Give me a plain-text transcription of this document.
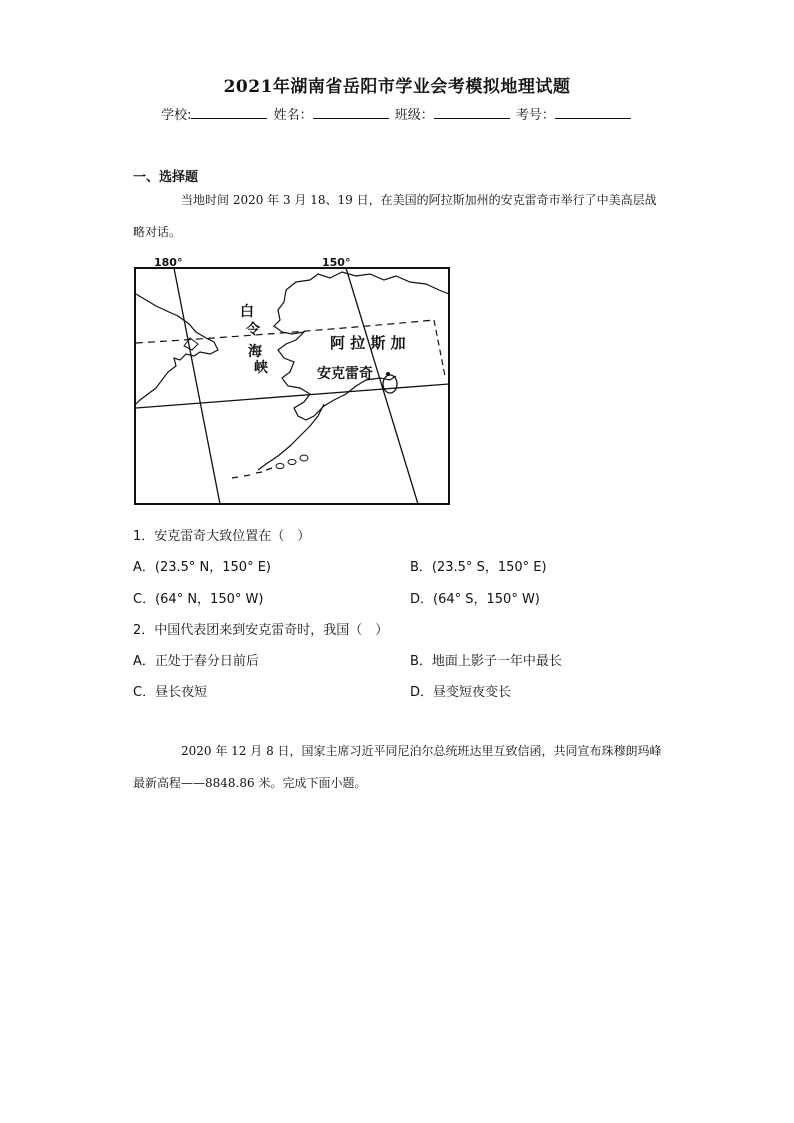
2021年湖南省岳阳市学业会考模拟地理试题
学校:	姓名：	班级：	考号：
一、选择题
当地时间 2020 年 3 月 18、19 日，在美国的阿拉斯加州的安克雷奇市举行了中美高层战略对话。
180°	150°
白
令
海
峡
阿 拉 斯 加
安克雷奇
1．安克雷奇大致位置在（　）
A．(23.5° N，150° E)	B．(23.5° S，150° E)
C．(64° N，150° W)	D．(64° S，150° W)
2．中国代表团来到安克雷奇时，我国（　）
A．正处于春分日前后	B．地面上影子一年中最长
C．昼长夜短	D．昼变短夜变长
2020 年 12 月 8 日，国家主席习近平同尼泊尔总统班达里互致信函，共同宣布珠穆朗玛峰最新高程——8848.86 米。完成下面小题。
